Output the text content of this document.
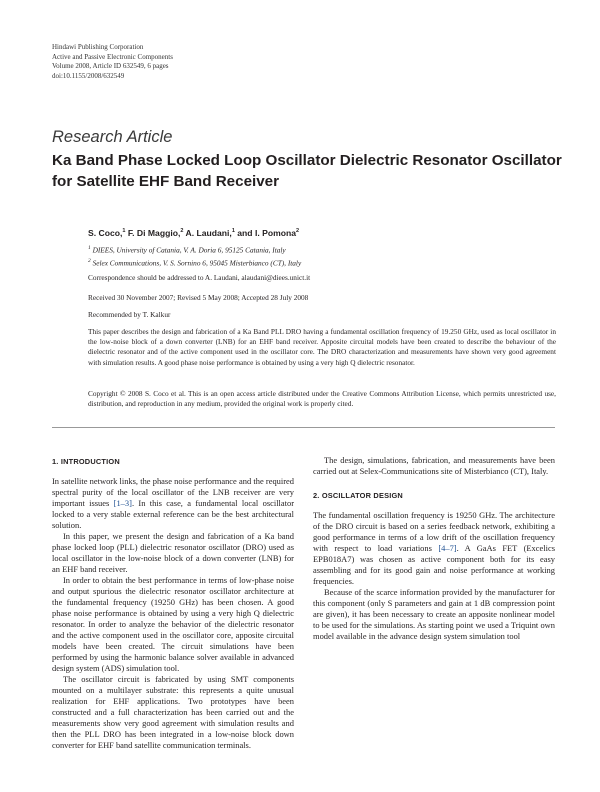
Hindawi Publishing Corporation
Active and Passive Electronic Components
Volume 2008, Article ID 632549, 6 pages
doi:10.1155/2008/632549
Research Article
Ka Band Phase Locked Loop Oscillator Dielectric Resonator Oscillator for Satellite EHF Band Receiver
S. Coco,$^1$ F. Di Maggio,$^2$ A. Laudani,$^1$ and I. Pomona$^2$
$^1$ DIEES, University of Catania, V. A. Doria 6, 95125 Catania, Italy
$^2$ Selex Communications, V. S. Sornino 6, 95045 Misterbianco (CT), Italy
Correspondence should be addressed to A. Laudani, alaudani@diees.unict.it
Received 30 November 2007; Revised 5 May 2008; Accepted 28 July 2008
Recommended by T. Kalkur
This paper describes the design and fabrication of a Ka Band PLL DRO having a fundamental oscillation frequency of 19.250 GHz, used as local oscillator in the low-noise block of a down converter (LNB) for an EHF band receiver. Apposite circuital models have been created to describe the behaviour of the dielectric resonator and of the active component used in the oscillator core. The DRO characterization and measurements have shown very good agreement with simulation results. A good phase noise performance is obtained by using a very high Q dielectric resonator.
Copyright © 2008 S. Coco et al. This is an open access article distributed under the Creative Commons Attribution License, which permits unrestricted use, distribution, and reproduction in any medium, provided the original work is properly cited.
1. INTRODUCTION

In satellite network links, the phase noise performance and the required spectral purity of the local oscillator of the LNB receiver are very important issues [1–3]. In this case, a fundamental local oscillator locked to a very stable external reference can be the best architectural solution.

In this paper, we present the design and fabrication of a Ka band phase locked loop (PLL) dielectric resonator oscillator (DRO) used as local oscillator in the low-noise block of a down converter (LNB) for an EHF band receiver.

In order to obtain the best performance in terms of low-phase noise and output spurious the dielectric resonator oscillator architecture at the fundamental frequency (19250 GHz) has been chosen. A good phase noise performance is obtained by using a very high Q dielectric resonator. In order to analyze the behavior of the dielectric resonator and the active component used in the oscillator core, apposite circuital models have been created. The circuit simulations have been performed by using the harmonic balance solver available in advanced design system (ADS) simulation tool.

The oscillator circuit is fabricated by using SMT components mounted on a multilayer substrate: this represents a quite unusual realization for EHF applications. Two prototypes have been constructed and a full characterization has been carried out and the measurements show very good agreement with simulation results and then the PLL DRO has been integrated in a low-noise block down converter for EHF band satellite communication terminals.

The design, simulations, fabrication, and measurements have been carried out at Selex-Communications site of Misterbianco (CT), Italy.

2. OSCILLATOR DESIGN

The fundamental oscillation frequency is 19250 GHz. The architecture of the DRO circuit is based on a series feedback network, exhibiting a good performance in terms of a low drift of the oscillation frequency with respect to load variations [4–7]. A GaAs FET (Excelics EPB018A7) was chosen as active component both for its easy assembling and for its good gain and noise performance at working frequencies.

Because of the scarce information provided by the manufacturer for this component (only S parameters and gain at 1 dB compression point are given), it has been necessary to create an apposite nonlinear model to be used for the simulations. As starting point we used a Triquint own model available in the advance design system simulation tool
